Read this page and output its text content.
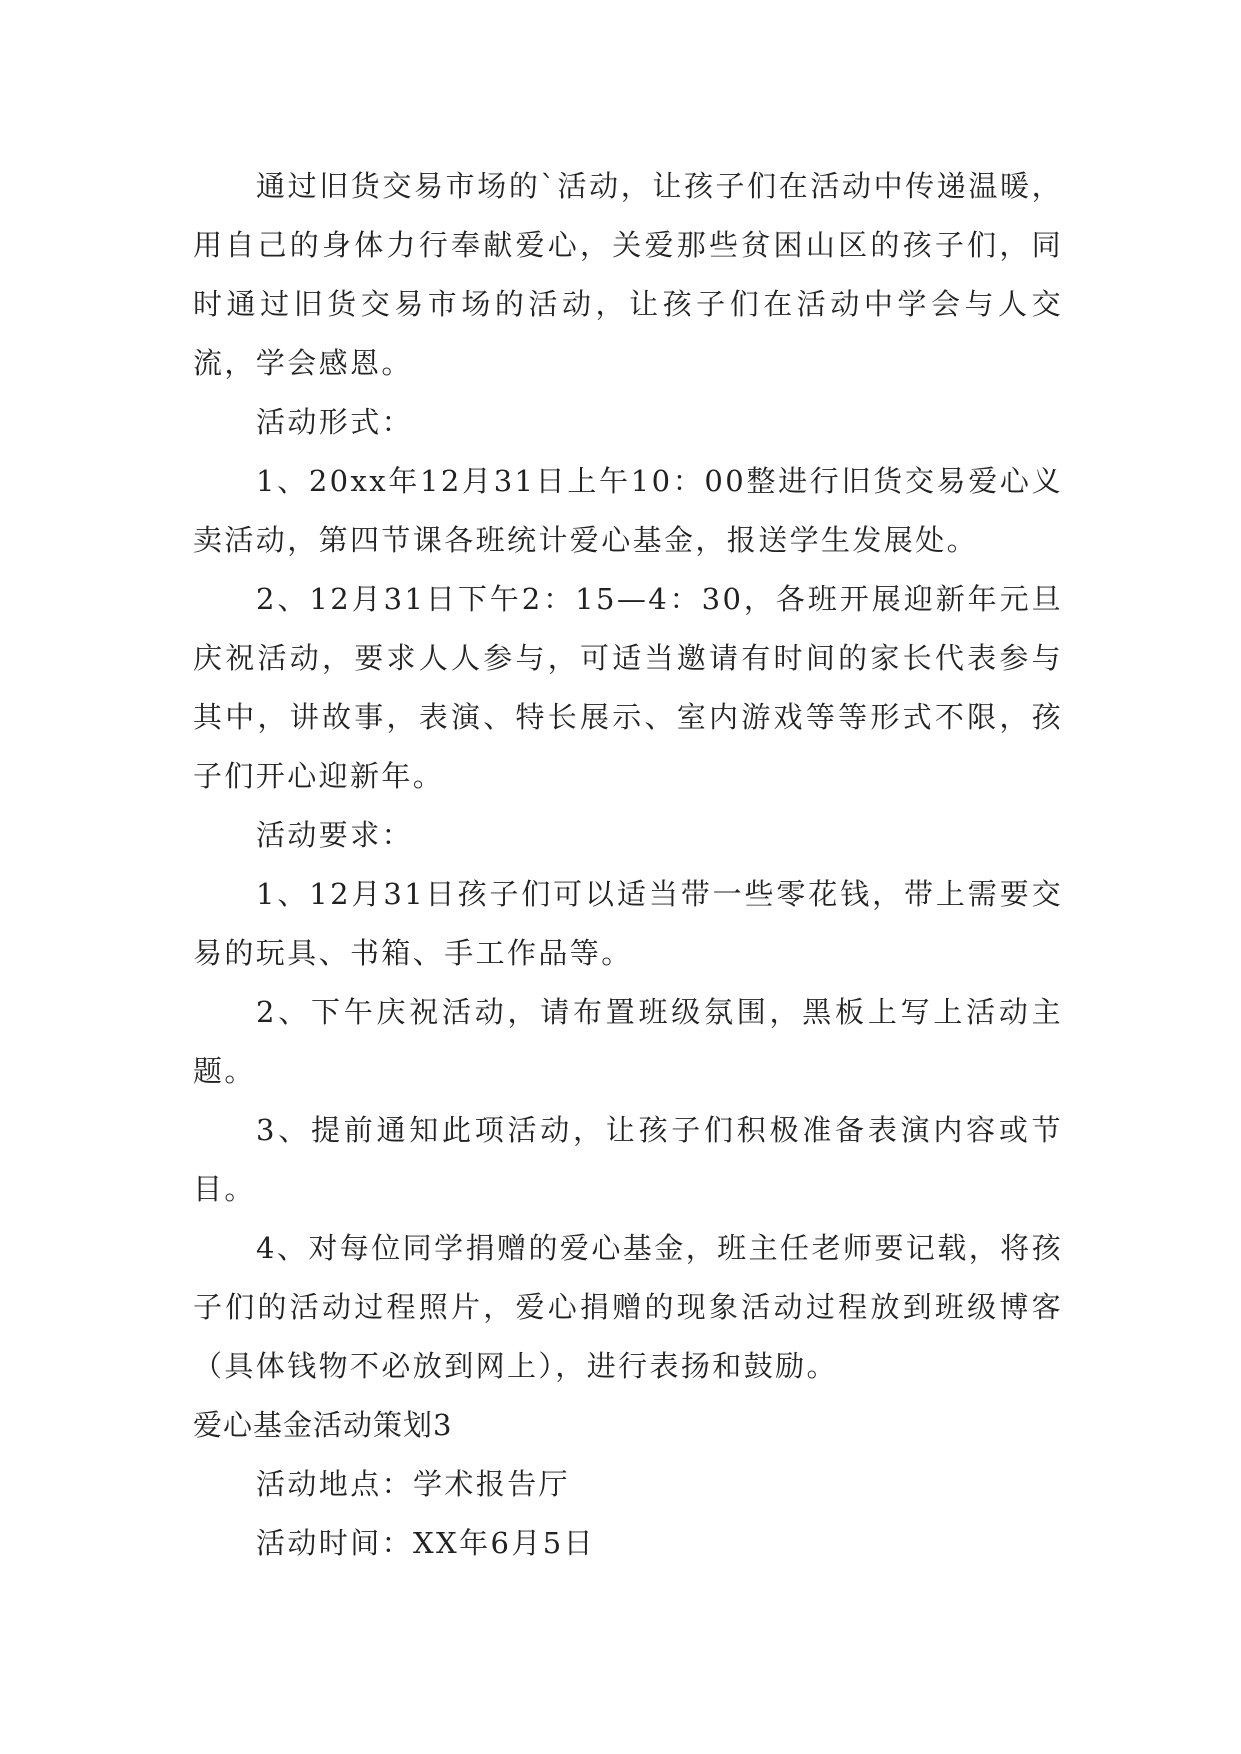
通过旧货交易市场的`活动，让孩子们在活动中传递温暖，用自己的身体力行奉献爱心，关爱那些贫困山区的孩子们，同时通过旧货交易市场的活动，让孩子们在活动中学会与人交流，学会感恩。

活动形式：

1、20xx年12月31日上午10：00整进行旧货交易爱心义卖活动，第四节课各班统计爱心基金，报送学生发展处。

2、12月31日下午2：15—4：30，各班开展迎新年元旦庆祝活动，要求人人参与，可适当邀请有时间的家长代表参与其中，讲故事，表演、特长展示、室内游戏等等形式不限，孩子们开心迎新年。

活动要求：

1、12月31日孩子们可以适当带一些零花钱，带上需要交易的玩具、书箱、手工作品等。

2、下午庆祝活动，请布置班级氛围，黑板上写上活动主题。

3、提前通知此项活动，让孩子们积极准备表演内容或节目。

4、对每位同学捐赠的爱心基金，班主任老师要记载，将孩子们的活动过程照片，爱心捐赠的现象活动过程放到班级博客（具体钱物不必放到网上），进行表扬和鼓励。

爱心基金活动策划3

活动地点：学术报告厅

活动时间：XX年6月5日
